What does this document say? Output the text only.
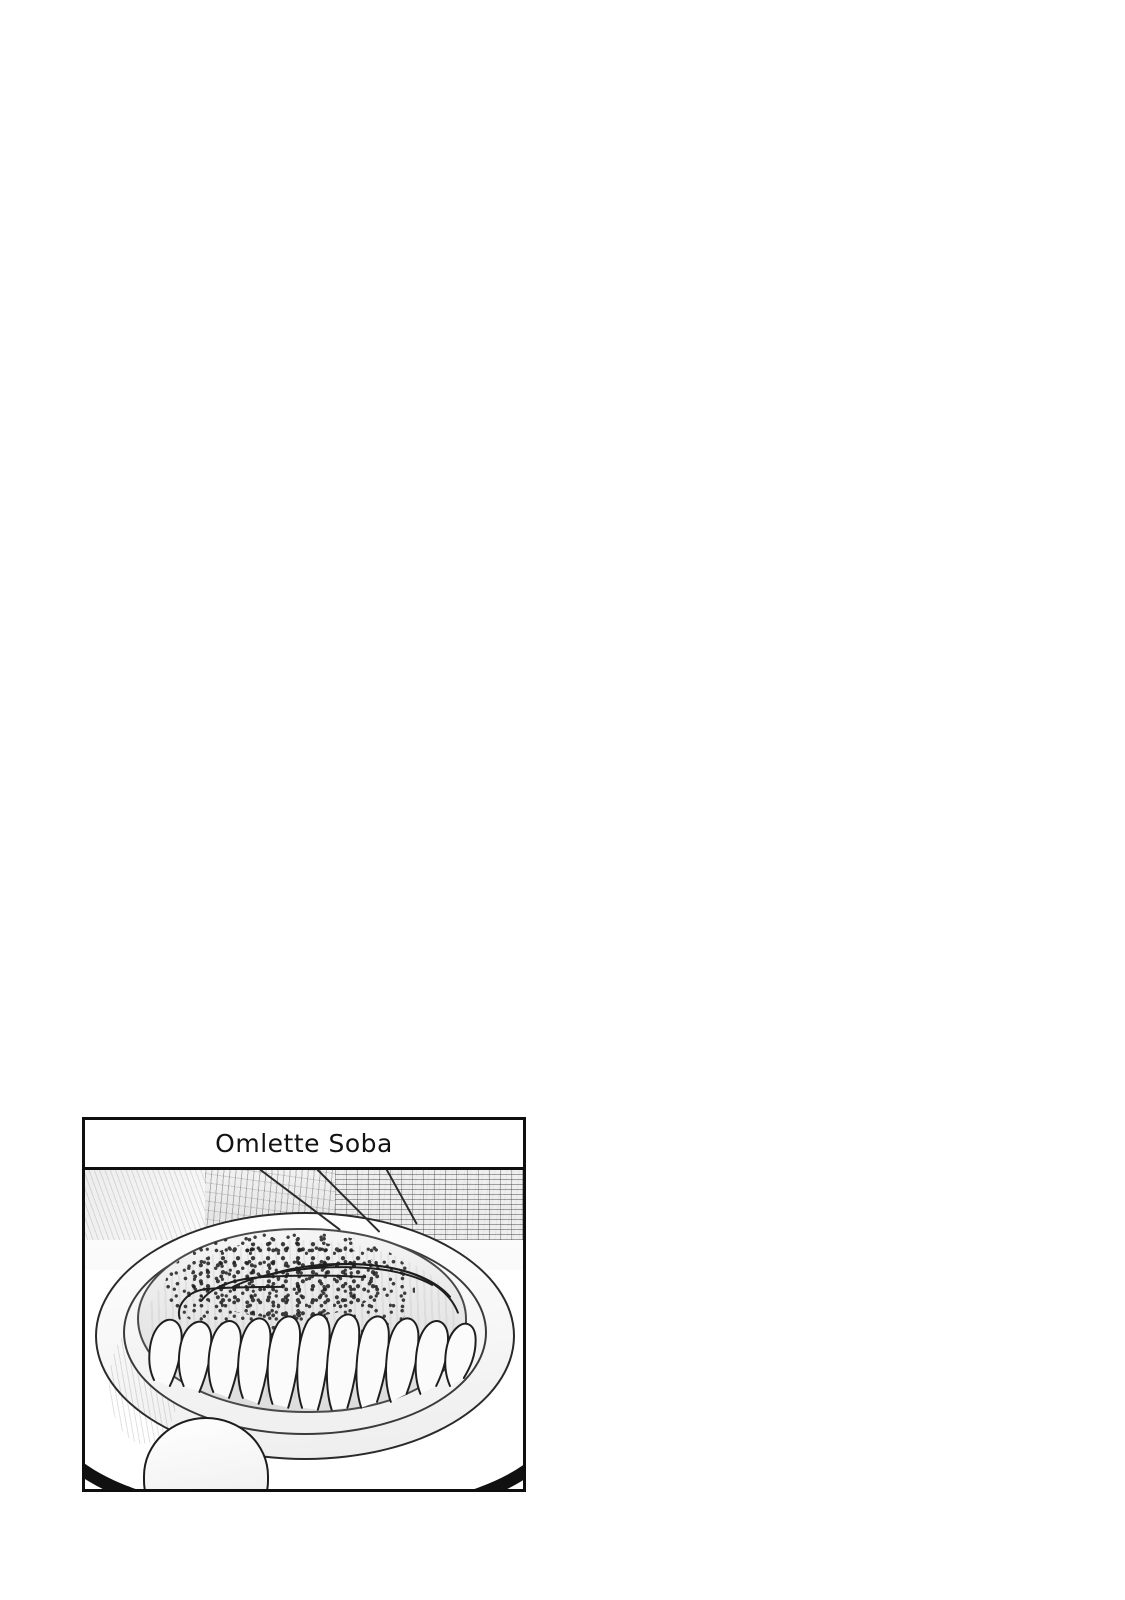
Omlette Soba
